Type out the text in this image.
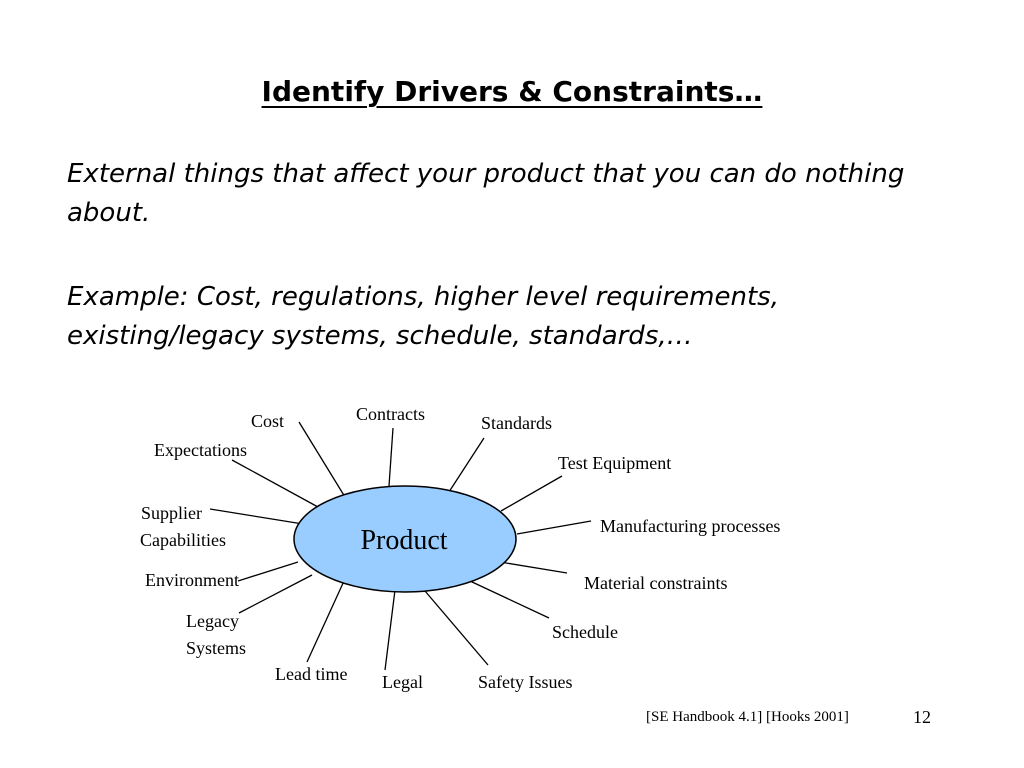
Identify Drivers & Constraints…

External things that affect your product that you can do nothing about.

Example: Cost, regulations, higher level requirements, existing/legacy systems, schedule, standards,…

Product
Cost	Contracts	Standards
Expectations
Test Equipment
Supplier
Capabilities
Manufacturing processes
Environment	Material constraints
Legacy
Systems
Schedule
Lead time Legal	Safety Issues
[SE Handbook 4.1] [Hooks 2001]	12
